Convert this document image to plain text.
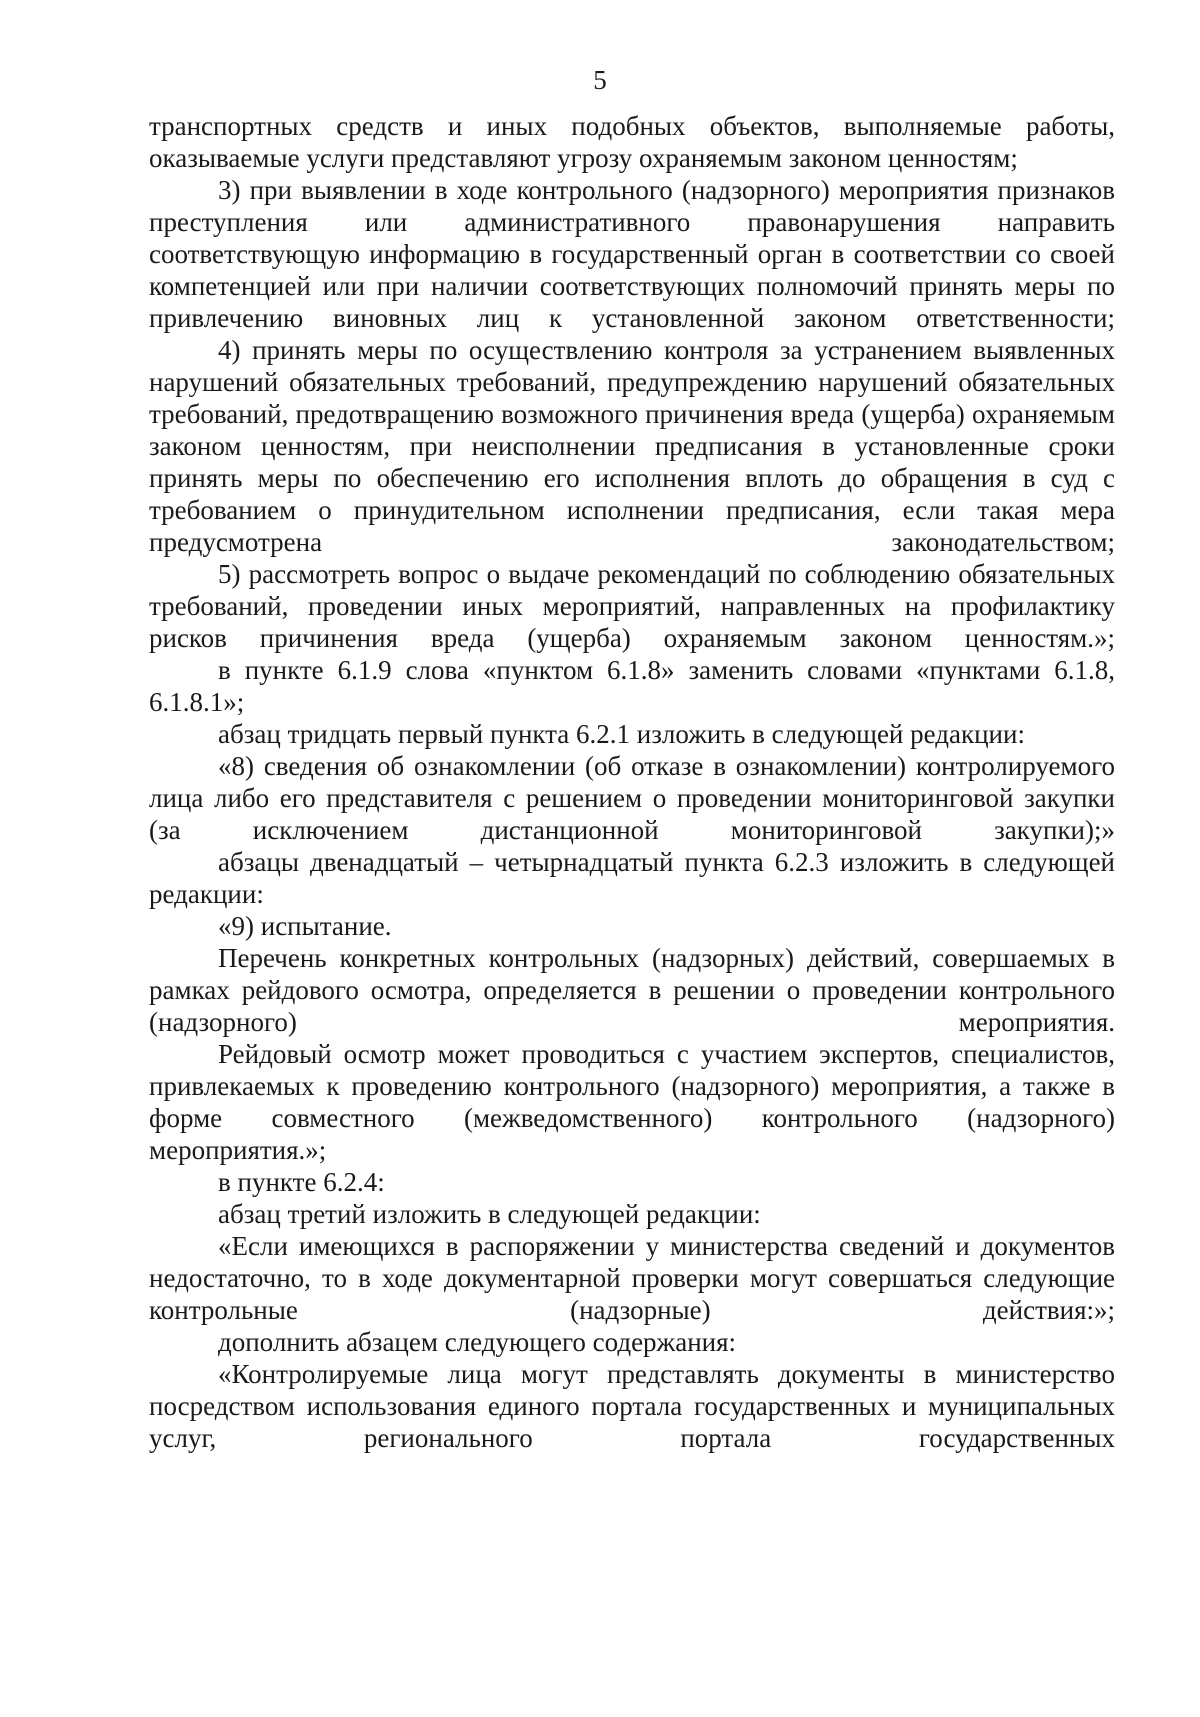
5

транспортных средств и иных подобных объектов, выполняемые работы, оказываемые услуги представляют угрозу охраняемым законом ценностям;

3) при выявлении в ходе контрольного (надзорного) мероприятия признаков преступления или административного правонарушения направить соответствующую информацию в государственный орган в соответствии со своей компетенцией или при наличии соответствующих полномочий принять меры по привлечению виновных лиц к установленной законом ответственности;

4) принять меры по осуществлению контроля за устранением выявленных нарушений обязательных требований, предупреждению нарушений обязательных требований, предотвращению возможного причинения вреда (ущерба) охраняемым законом ценностям, при неисполнении предписания в установленные сроки принять меры по обеспечению его исполнения вплоть до обращения в суд с требованием о принудительном исполнении предписания, если такая мера предусмотрена законодательством;

5) рассмотреть вопрос о выдаче рекомендаций по соблюдению обязательных требований, проведении иных мероприятий, направленных на профилактику рисков причинения вреда (ущерба) охраняемым законом ценностям.»;

в пункте 6.1.9 слова «пунктом 6.1.8» заменить словами «пунктами 6.1.8, 6.1.8.1»;

абзац тридцать первый пункта 6.2.1 изложить в следующей редакции:

«8) сведения об ознакомлении (об отказе в ознакомлении) контролируемого лица либо его представителя с решением о проведении мониторинговой закупки (за исключением дистанционной мониторинговой закупки);»

абзацы двенадцатый – четырнадцатый пункта 6.2.3 изложить в следующей редакции:

«9) испытание.

Перечень конкретных контрольных (надзорных) действий, совершаемых в рамках рейдового осмотра, определяется в решении о проведении контрольного (надзорного) мероприятия.

Рейдовый осмотр может проводиться с участием экспертов, специалистов, привлекаемых к проведению контрольного (надзорного) мероприятия, а также в форме совместного (межведомственного) контрольного (надзорного) мероприятия.»;

в пункте 6.2.4:

абзац третий изложить в следующей редакции:

«Если имеющихся в распоряжении у министерства сведений и документов недостаточно, то в ходе документарной проверки могут совершаться следующие контрольные (надзорные) действия:»;

дополнить абзацем следующего содержания:

«Контролируемые лица могут представлять документы в министерство посредством использования единого портала государственных и муниципальных услуг, регионального портала государственных
